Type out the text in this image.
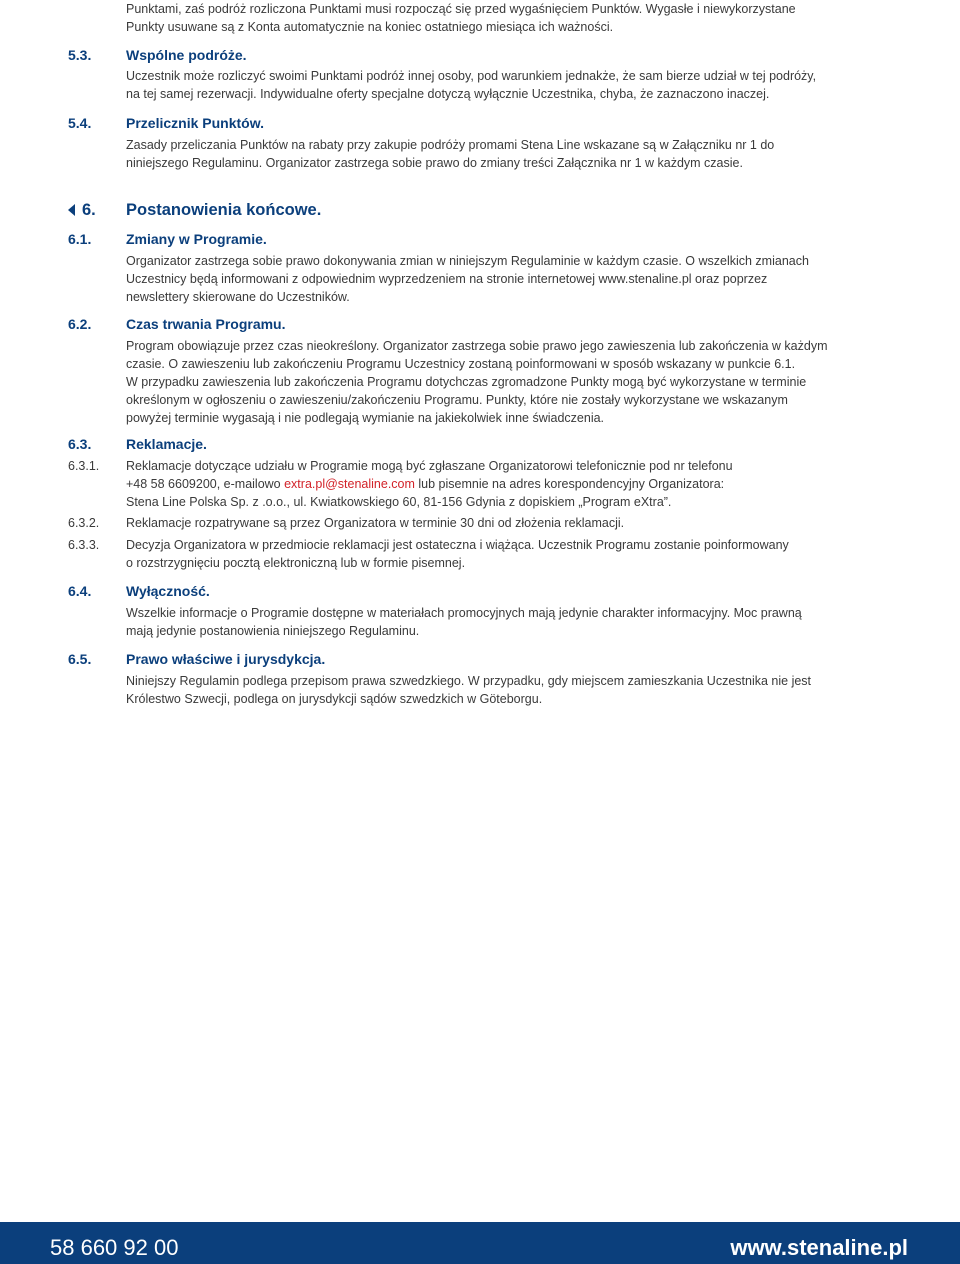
Punktami, zaś podróż rozliczona Punktami musi rozpocząć się przed wygaśnięciem Punktów. Wygasłe i niewykorzystane
Punkty usuwane są z Konta automatycznie na koniec ostatniego miesiąca ich ważności.
5.3. Wspólne podróże.
Uczestnik może rozliczyć swoimi Punktami podróż innej osoby, pod warunkiem jednakże, że sam bierze udział w tej podróży,
na tej samej rezerwacji. Indywidualne oferty specjalne dotyczą wyłącznie Uczestnika, chyba, że zaznaczono inaczej.
5.4. Przelicznik Punktów.
Zasady przeliczania Punktów na rabaty przy zakupie podróży promami Stena Line wskazane są w Załączniku nr 1 do
niniejszego Regulaminu. Organizator zastrzega sobie prawo do zmiany treści Załącznika nr 1 w każdym czasie.
6. Postanowienia końcowe.
6.1. Zmiany w Programie.
Organizator zastrzega sobie prawo dokonywania zmian w niniejszym Regulaminie w każdym czasie. O wszelkich zmianach
Uczestnicy będą informowani z odpowiednim wyprzedzeniem na stronie internetowej www.stenaline.pl oraz poprzez
newslettery skierowane do Uczestników.
6.2. Czas trwania Programu.
Program obowiązuje przez czas nieokreślony. Organizator zastrzega sobie prawo jego zawieszenia lub zakończenia w każdym
czasie. O zawieszeniu lub zakończeniu Programu Uczestnicy zostaną poinformowani w sposób wskazany w punkcie 6.1.
W przypadku zawieszenia lub zakończenia Programu dotychczas zgromadzone Punkty mogą być wykorzystane w terminie
określonym w ogłoszeniu o zawieszeniu/zakończeniu Programu. Punkty, które nie zostały wykorzystane we wskazanym
powyżej terminie wygasają i nie podlegają wymianie na jakiekolwiek inne świadczenia.
6.3. Reklamacje.
6.3.1. Reklamacje dotyczące udziału w Programie mogą być zgłaszane Organizatorowi telefonicznie pod nr telefonu
+48 58 6609200, e-mailowo extra.pl@stenaline.com lub pisemnie na adres korespondencyjny Organizatora:
Stena Line Polska Sp. z .o.o., ul. Kwiatkowskiego 60, 81-156 Gdynia z dopiskiem „Program eXtra”.
6.3.2. Reklamacje rozpatrywane są przez Organizatora w terminie 30 dni od złożenia reklamacji.
6.3.3. Decyzja Organizatora w przedmiocie reklamacji jest ostateczna i wiążąca. Uczestnik Programu zostanie poinformowany
o rozstrzygnięciu pocztą elektroniczną lub w formie pisemnej.
6.4. Wyłączność.
Wszelkie informacje o Programie dostępne w materiałach promocyjnych mają jedynie charakter informacyjny. Moc prawną
mają jedynie postanowienia niniejszego Regulaminu.
6.5. Prawo właściwe i jurysdykcja.
Niniejszy Regulamin podlega przepisom prawa szwedzkiego. W przypadku, gdy miejscem zamieszkania Uczestnika nie jest
Królestwo Szwecji, podlega on jurysdykcji sądów szwedzkich w Göteborgu.
58 660 92 00	www.stenaline.pl
